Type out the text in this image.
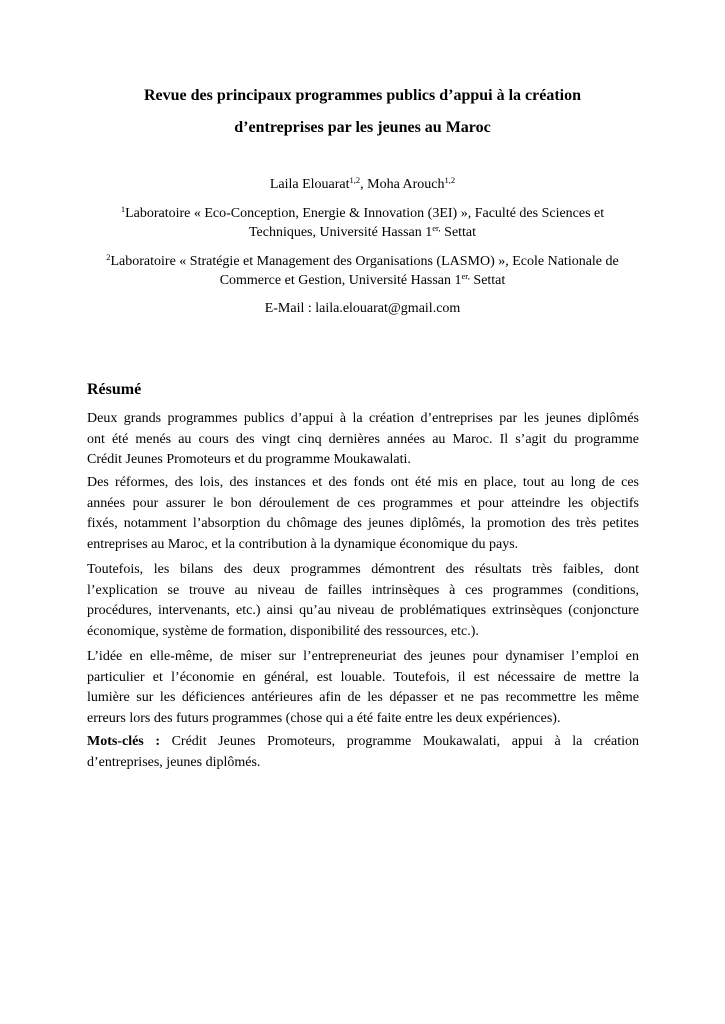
Revue des principaux programmes publics d’appui à la création
d’entreprises par les jeunes au Maroc
Laila Elouarat$^{1,2}$, Moha Arouch$^{1,2}$
$^1$Laboratoire « Eco-Conception, Energie & Innovation (3EI) », Faculté des Sciences et
Techniques, Université Hassan $1^{er,}$ Settat
$^2$Laboratoire « Stratégie et Management des Organisations (LASMO) », Ecole Nationale de
Commerce et Gestion, Université Hassan $1^{er,}$ Settat
E-Mail : laila.elouarat@gmail.com
Résumé
Deux grands programmes publics d’appui à la création d’entreprises par les jeunes diplômés
ont été menés au cours des vingt cinq dernières années au Maroc. Il s’agit du programme
Crédit Jeunes Promoteurs et du programme Moukawalati.
Des réformes, des lois, des instances et des fonds ont été mis en place, tout au long de ces
années pour assurer le bon déroulement de ces programmes et pour atteindre les objectifs
fixés, notamment l’absorption du chômage des jeunes diplômés, la promotion des très petites
entreprises au Maroc, et la contribution à la dynamique économique du pays.
Toutefois, les bilans des deux programmes démontrent des résultats très faibles, dont
l’explication se trouve au niveau de failles intrinsèques à ces programmes (conditions,
procédures, intervenants, etc.) ainsi qu’au niveau de problématiques extrinsèques (conjoncture
économique, système de formation, disponibilité des ressources, etc.).
L’idée en elle-même, de miser sur l’entrepreneuriat des jeunes pour dynamiser l’emploi en
particulier et l’économie en général, est louable. Toutefois, il est nécessaire de mettre la
lumière sur les déficiences antérieures afin de les dépasser et ne pas recommettre les même
erreurs lors des futurs programmes (chose qui a été faite entre les deux expériences).
Mots-clés : Crédit Jeunes Promoteurs, programme Moukawalati, appui à la création
d’entreprises, jeunes diplômés.
